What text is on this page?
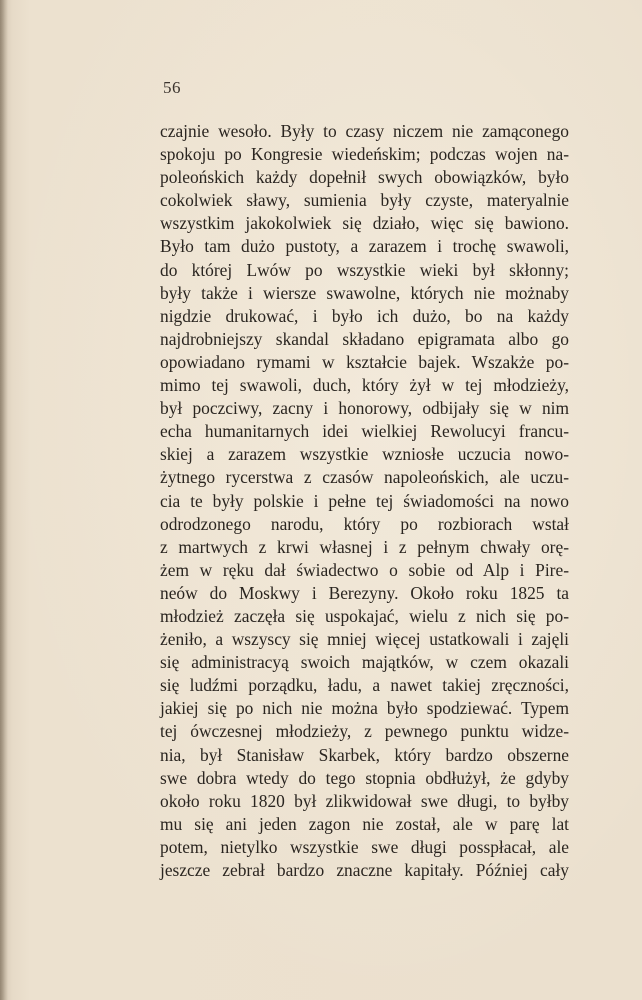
56
czajnie wesoło. Były to czasy niczem nie zamąconego
spokoju po Kongresie wiedeńskim; podczas wojen na-
poleońskich każdy dopełnił swych obowiązków, było
cokolwiek sławy, sumienia były czyste, materyalnie
wszystkim jakokolwiek się działo, więc się bawiono.
Było tam dużo pustoty, a zarazem i trochę swawoli,
do której Lwów po wszystkie wieki był skłonny;
były także i wiersze swawolne, których nie możnaby
nigdzie drukować, i było ich dużo, bo na każdy
najdrobniejszy skandal składano epigramata albo go
opowiadano rymami w kształcie bajek. Wszakże po-
mimo tej swawoli, duch, który żył w tej młodzieży,
był poczciwy, zacny i honorowy, odbijały się w nim
echa humanitarnych idei wielkiej Rewolucyi francu-
skiej a zarazem wszystkie wzniosłe uczucia nowo-
żytnego rycerstwa z czasów napoleońskich, ale uczu-
cia te były polskie i pełne tej świadomości na nowo
odrodzonego narodu, który po rozbiorach wstał
z martwych z krwi własnej i z pełnym chwały orę-
żem w ręku dał świadectwo o sobie od Alp i Pire-
neów do Moskwy i Berezyny. Około roku 1825 ta
młodzież zaczęła się uspokajać, wielu z nich się po-
żeniło, a wszyscy się mniej więcej ustatkowali i zajęli
się administracyą swoich majątków, w czem okazali
się ludźmi porządku, ładu, a nawet takiej zręczności,
jakiej się po nich nie można było spodziewać. Typem
tej ówczesnej młodzieży, z pewnego punktu widze-
nia, był Stanisław Skarbek, który bardzo obszerne
swe dobra wtedy do tego stopnia obdłużył, że gdyby
około roku 1820 był zlikwidował swe długi, to byłby
mu się ani jeden zagon nie został, ale w parę lat
potem, nietylko wszystkie swe długi posspłacał, ale
jeszcze zebrał bardzo znaczne kapitały. Później cały
